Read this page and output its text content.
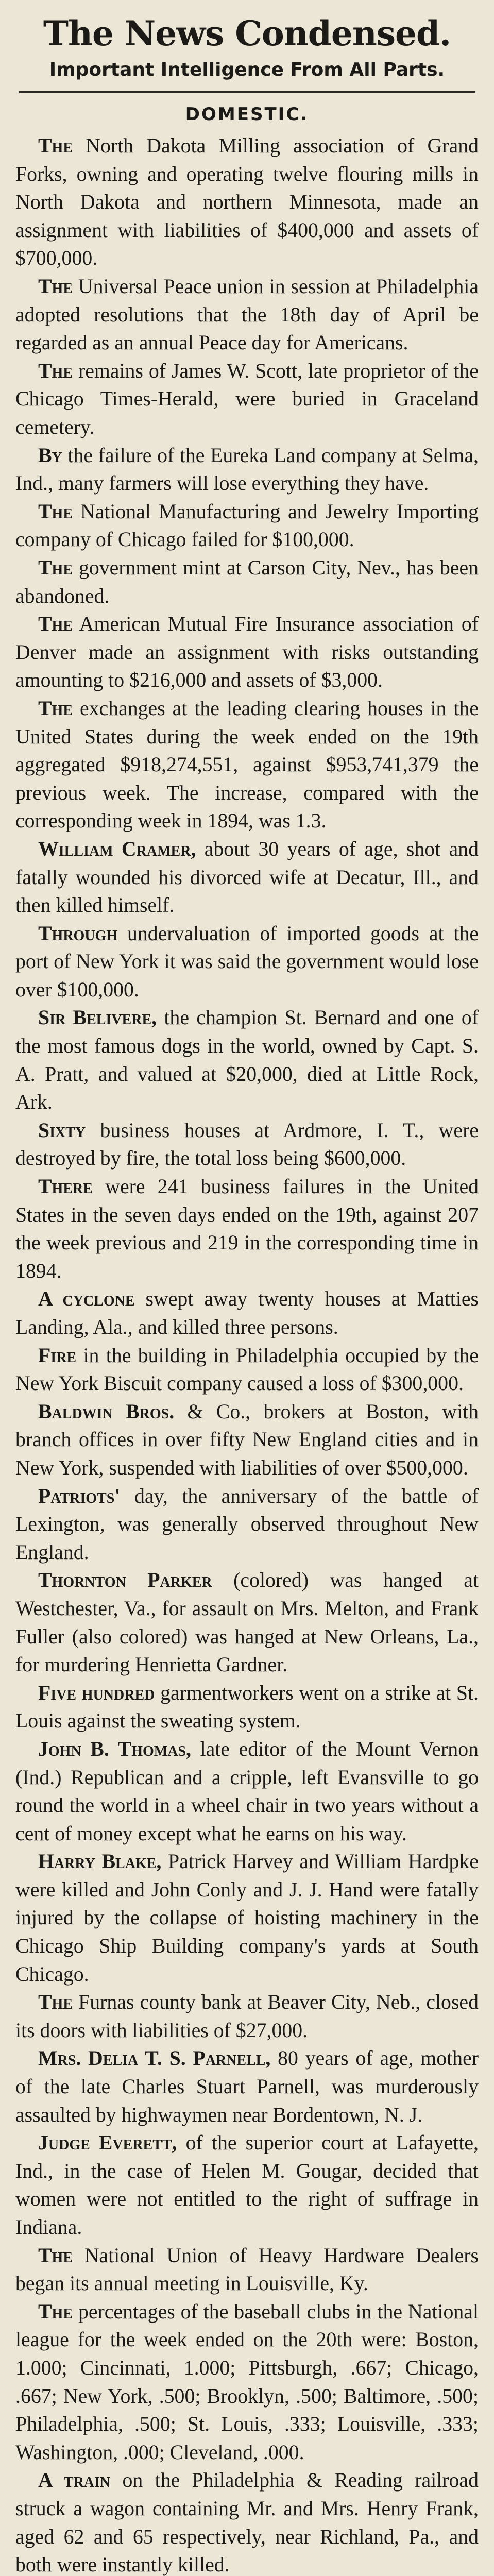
The News Condensed.
Important Intelligence From All Parts.
DOMESTIC.

The North Dakota Milling association of Grand Forks, owning and operating twelve flouring mills in North Dakota and northern Minnesota, made an assignment with liabilities of $400,000 and assets of $700,000.

The Universal Peace union in session at Philadelphia adopted resolutions that the 18th day of April be regarded as an annual Peace day for Americans.

The remains of James W. Scott, late proprietor of the Chicago Times-Herald, were buried in Graceland cemetery.

By the failure of the Eureka Land company at Selma, Ind., many farmers will lose everything they have.

The National Manufacturing and Jewelry Importing company of Chicago failed for $100,000.

The government mint at Carson City, Nev., has been abandoned.

The American Mutual Fire Insurance association of Denver made an assignment with risks outstanding amounting to $216,000 and assets of $3,000.

The exchanges at the leading clearing houses in the United States during the week ended on the 19th aggregated $918,274,551, against $953,741,379 the previous week. The increase, compared with the corresponding week in 1894, was 1.3.

William Cramer, about 30 years of age, shot and fatally wounded his divorced wife at Decatur, Ill., and then killed himself.

Through undervaluation of imported goods at the port of New York it was said the government would lose over $100,000.

Sir Belivere, the champion St. Bernard and one of the most famous dogs in the world, owned by Capt. S. A. Pratt, and valued at $20,000, died at Little Rock, Ark.

Sixty business houses at Ardmore, I. T., were destroyed by fire, the total loss being $600,000.

There were 241 business failures in the United States in the seven days ended on the 19th, against 207 the week previous and 219 in the corresponding time in 1894.

A cyclone swept away twenty houses at Matties Landing, Ala., and killed three persons.

Fire in the building in Philadelphia occupied by the New York Biscuit company caused a loss of $300,000.

Baldwin Bros. & Co., brokers at Boston, with branch offices in over fifty New England cities and in New York, suspended with liabilities of over $500,000.

Patriots' day, the anniversary of the battle of Lexington, was generally observed throughout New England.

Thornton Parker (colored) was hanged at Westchester, Va., for assault on Mrs. Melton, and Frank Fuller (also colored) was hanged at New Orleans, La., for murdering Henrietta Gardner.

Five hundred garmentworkers went on a strike at St. Louis against the sweating system.

John B. Thomas, late editor of the Mount Vernon (Ind.) Republican and a cripple, left Evansville to go round the world in a wheel chair in two years without a cent of money except what he earns on his way.

Harry Blake, Patrick Harvey and William Hardpke were killed and John Conly and J. J. Hand were fatally injured by the collapse of hoisting machinery in the Chicago Ship Building company's yards at South Chicago.

The Furnas county bank at Beaver City, Neb., closed its doors with liabilities of $27,000.

Mrs. Delia T. S. Parnell, 80 years of age, mother of the late Charles Stuart Parnell, was murderously assaulted by highwaymen near Bordentown, N. J.

Judge Everett, of the superior court at Lafayette, Ind., in the case of Helen M. Gougar, decided that women were not entitled to the right of suffrage in Indiana.

The National Union of Heavy Hardware Dealers began its annual meeting in Louisville, Ky.

The percentages of the baseball clubs in the National league for the week ended on the 20th were: Boston, 1.000; Cincinnati, 1.000; Pittsburgh, .667; Chicago, .667; New York, .500; Brooklyn, .500; Baltimore, .500; Philadelphia, .500; St. Louis, .333; Louisville, .333; Washington, .000; Cleveland, .000.

A train on the Philadelphia & Reading railroad struck a wagon containing Mr. and Mrs. Henry Frank, aged 62 and 65 respectively, near Richland, Pa., and both were instantly killed.
